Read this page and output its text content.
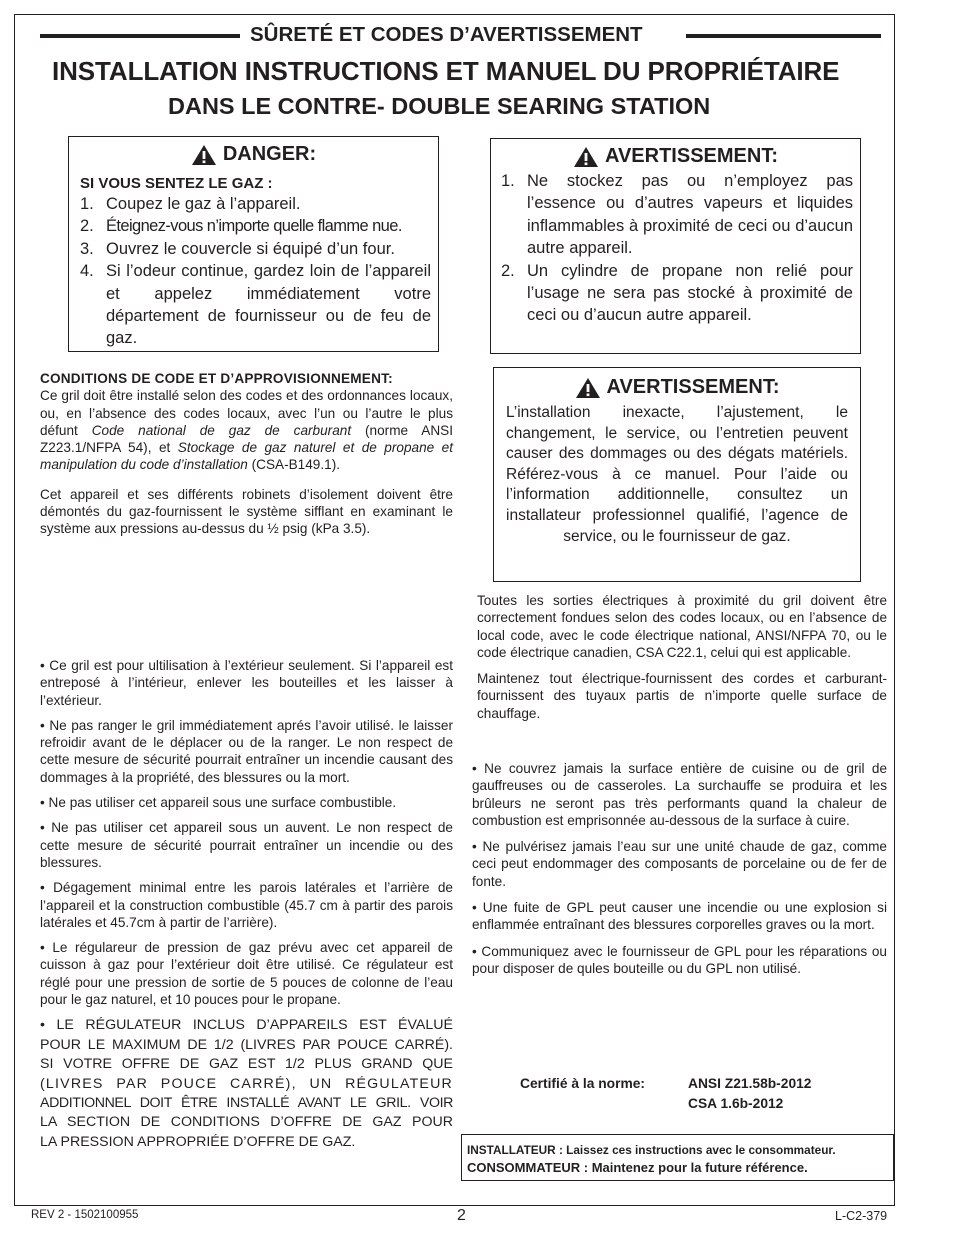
SÛRETÉ ET CODES D’AVERTISSEMENT
INSTALLATION INSTRUCTIONS ET MANUEL DU PROPRIÉTAIRE
DANS LE CONTRE- DOUBLE SEARING STATION
DANGER:
SI VOUS SENTEZ LE GAZ :
1. Coupez le gaz à l’appareil.
2. Éteignez-vous n’importe quelle flamme nue.
3. Ouvrez le couvercle si équipé d’un four.
4. Si l’odeur continue, gardez loin de l’appareil et appelez immédiatement votre département de fournisseur ou de feu de gaz.
AVERTISSEMENT:
1. Ne stockez pas ou n’employez pas l’essence ou d’autres vapeurs et liquides inflammables à proximité de ceci ou d’aucun autre appareil.
2. Un cylindre de propane non relié pour l’usage ne sera pas stocké à proximité de ceci ou d’aucun autre appareil.
CONDITIONS DE CODE ET D’APPROVISIONNEMENT:

Ce gril doit être installé selon des codes et des ordonnances locaux, ou, en l’absence des codes locaux, avec l’un ou l’autre le plus défunt Code national de gaz de carburant (norme ANSI Z223.1/NFPA 54), et Stockage de gaz naturel et de propane et manipulation du code d’installation (CSA-B149.1).

Cet appareil et ses différents robinets d’isolement doivent être démontés du gaz-fournissent le système sifflant en examinant le système aux pressions au-dessus du ½ psig (kPa 3.5).

AVERTISSEMENT:
L’installation inexacte, l’ajustement, le changement, le service, ou l’entretien peuvent causer des dommages ou des dégats matériels. Référez-vous à ce manuel. Pour l’aide ou l’information additionnelle, consultez un installateur professionnel qualifié, l’agence de service, ou le fournisseur de gaz.

Toutes les sorties électriques à proximité du gril doivent être correctement fondues selon des codes locaux, ou en l’absence de local code, avec le code électrique national, ANSI/NFPA 70, ou le code électrique canadien, CSA C22.1, celui qui est applicable.

Maintenez tout électrique-fournissent des cordes et carburant-fournissent des tuyaux partis de n’importe quelle surface de chauffage.

• Ne couvrez jamais la surface entière de cuisine ou de gril de gauffreuses ou de casseroles. La surchauffe se produira et les brûleurs ne seront pas très performants quand la chaleur de combustion est emprisonnée au-dessous de la surface à cuire.

• Ne pulvérisez jamais l’eau sur une unité chaude de gaz, comme ceci peut endommager des composants de porcelaine ou de fer de fonte.

• Une fuite de GPL peut causer une incendie ou une explosion si enflammée entraînant des blessures corporelles graves ou la mort.

• Communiquez avec le fournisseur de GPL pour les réparations ou pour disposer de qules bouteille ou du GPL non utilisé.

• Ce gril est pour ultilisation à l’extérieur seulement. Si l’appareil est entreposé à l’intérieur, enlever les bouteilles et les laisser à l’extérieur.

• Ne pas ranger le gril immédiatement aprés l’avoir utilisé. le laisser refroidir avant de le déplacer ou de la ranger. Le non respect de cette mesure de sécurité pourrait entraîner un incendie causant des dommages à la propriété, des blessures ou la mort.

• Ne pas utiliser cet appareil sous une surface combustible.

• Ne pas utiliser cet appareil sous un auvent. Le non respect de cette mesure de sécurité pourrait entraîner un incendie ou des blessures.

• Dégagement minimal entre les parois latérales et l’arrière de l’appareil et la construction combustible (45.7 cm à partir des parois latérales et 45.7cm à partir de l’arrière).

• Le régulareur de pression de gaz prévu avec cet appareil de cuisson à gaz pour l’extérieur doit être utilisé. Ce régulateur est réglé pour une pression de sortie de 5 pouces de colonne de l’eau pour le gaz naturel, et 10 pouces pour le propane.

• LE RÉGULATEUR INCLUS D’APPAREILS EST ÉVALUÉ
POUR LE MAXIMUM DE 1/2 (LIVRES PAR POUCE CARRÉ).
SI VOTRE OFFRE DE GAZ EST 1/2 PLUS GRAND QUE
(LIVRES PAR POUCE CARRÉ), UN RÉGULATEUR
ADDITIONNEL DOIT ÊTRE INSTALLÉ AVANT LE GRIL. VOIR
LA SECTION DE CONDITIONS D’OFFRE DE GAZ POUR
LA PRESSION APPROPRIÉE D’OFFRE DE GAZ.
Certifié à la norme:	ANSI Z21.58b-2012
CSA 1.6b-2012
INSTALLATEUR : Laissez ces instructions avec le consommateur.
CONSOMMATEUR : Maintenez pour la future référence.
REV 2 - 1502100955	2	L-C2-379
